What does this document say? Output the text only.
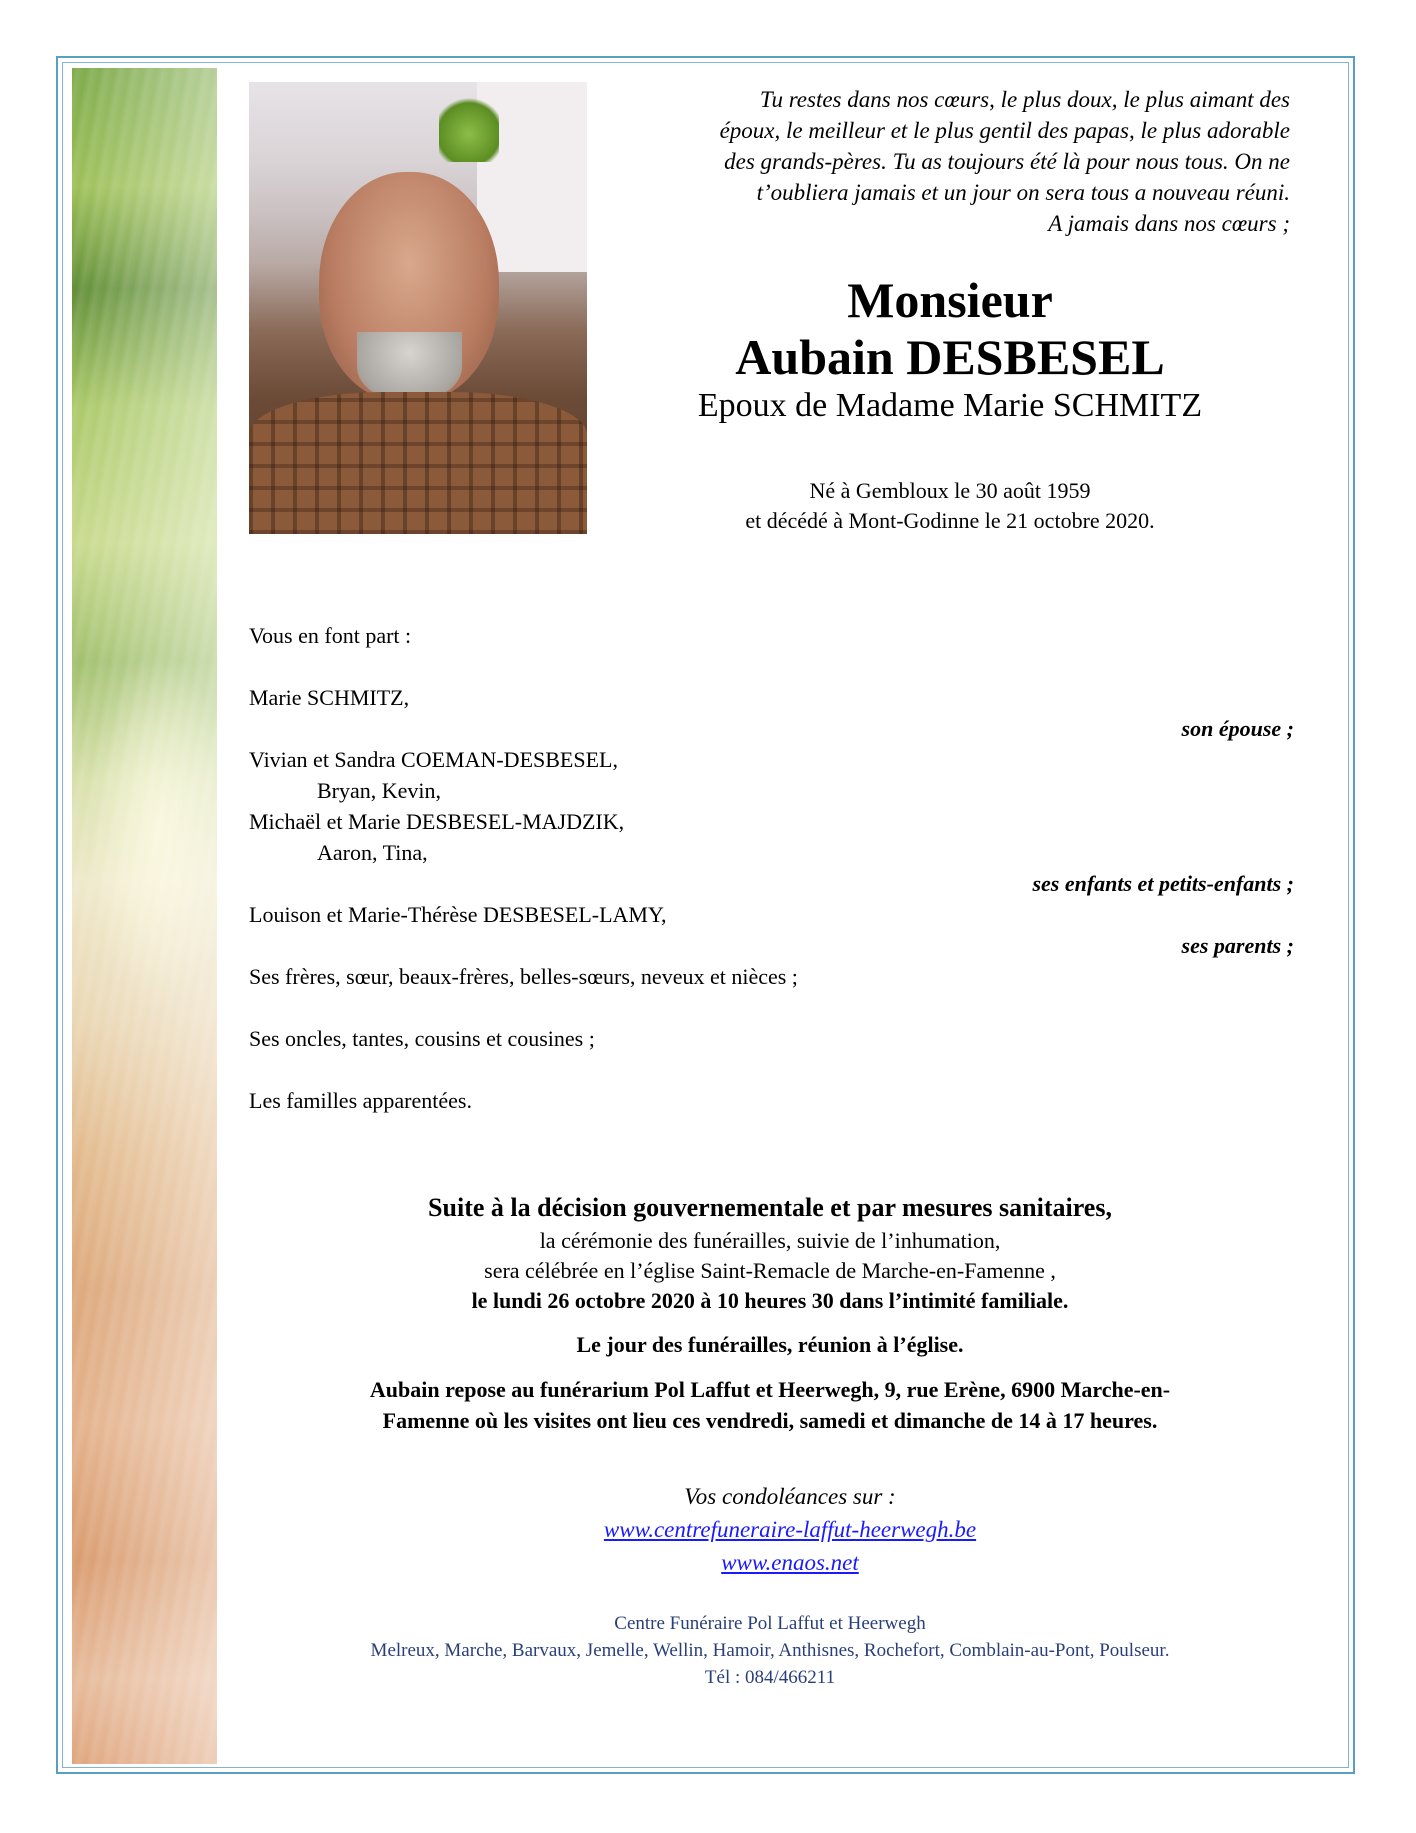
Tu restes dans nos cœurs, le plus doux, le plus aimant des
époux, le meilleur et le plus gentil des papas, le plus adorable
des grands-pères. Tu as toujours été là pour nous tous. On ne
t’oubliera jamais et un jour on sera tous a nouveau réuni.
A jamais dans nos cœurs ;
Monsieur
Aubain DESBESEL
Epoux de Madame Marie SCHMITZ
Né à Gembloux le 30 août 1959
et décédé à Mont-Godinne le 21 octobre 2020.
Vous en font part :
Marie SCHMITZ,
son épouse ;
Vivian et Sandra COEMAN-DESBESEL,
Bryan, Kevin,
Michaël et Marie DESBESEL-MAJDZIK,
Aaron, Tina,
ses enfants et petits-enfants ;
Louison et Marie-Thérèse DESBESEL-LAMY,
ses parents ;
Ses frères, sœur, beaux-frères, belles-sœurs, neveux et nièces ;
Ses oncles, tantes, cousins et cousines ;
Les familles apparentées.
Suite à la décision gouvernementale et par mesures sanitaires,
la cérémonie des funérailles, suivie de l’inhumation,
sera célébrée en l’église Saint-Remacle de Marche-en-Famenne ,
le lundi 26 octobre 2020 à 10 heures 30 dans l’intimité familiale.
Le jour des funérailles, réunion à l’église.
Aubain repose au funérarium Pol Laffut et Heerwegh, 9, rue Erène, 6900 Marche-en-
Famenne où les visites ont lieu ces vendredi, samedi et dimanche de 14 à 17 heures.
Vos condoléances sur :
www.centrefuneraire-laffut-heerwegh.be
www.enaos.net
Centre Funéraire Pol Laffut et Heerwegh
Melreux, Marche, Barvaux, Jemelle, Wellin, Hamoir, Anthisnes, Rochefort, Comblain-au-Pont, Poulseur.
Tél : 084/466211
